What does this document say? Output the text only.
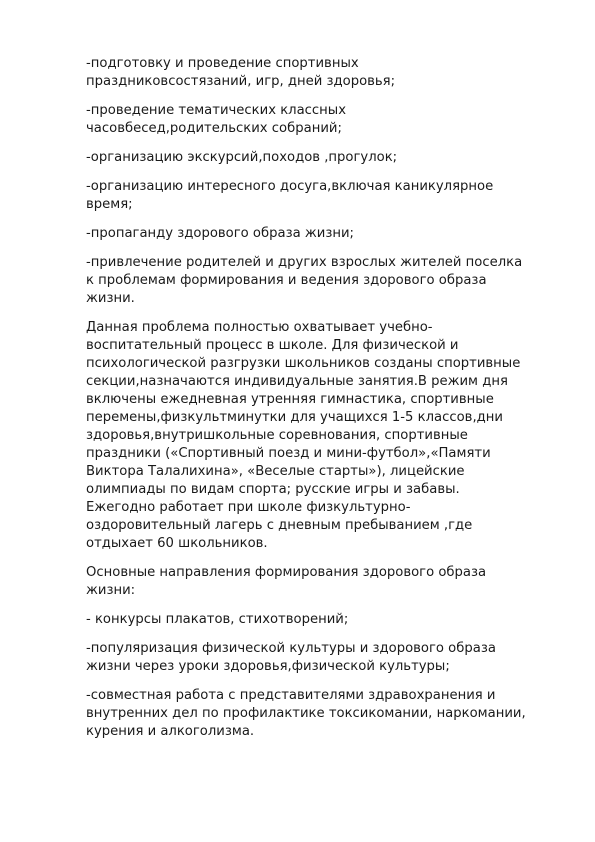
-подготовку и проведение спортивных
праздниковсостязаний, игр, дней здоровья;

-проведение тематических классных
часовбесед,родительских собраний;

-организацию экскурсий,походов ,прогулок;

-организацию интересного досуга,включая каникулярное
время;

-пропаганду здорового образа жизни;

-привлечение родителей и других взрослых жителей поселка
к проблемам формирования и ведения здорового образа
жизни.

Данная проблема полностью охватывает учебно-
воспитательный процесс в школе. Для физической и
психологической разгрузки школьников созданы спортивные
секции,назначаются индивидуальные занятия.В режим дня
включены ежедневная утренняя гимнастика, спортивные
перемены,физкультминутки для учащихся 1-5 классов,дни
здоровья,внутришкольные соревнования, спортивные
праздники («Спортивный поезд и мини-футбол»,«Памяти
Виктора Талалихина», «Веселые старты»), лицейские
олимпиады по видам спорта; русские игры и забавы.
Ежегодно работает при школе физкультурно-
оздоровительный лагерь с дневным пребыванием ,где
отдыхает 60 школьников.

Основные направления формирования здорового образа
жизни:

- конкурсы плакатов, стихотворений;

-популяризация физической культуры и здорового образа
жизни через уроки здоровья,физической культуры;

-совместная работа с представителями здравохранения и
внутренних дел по профилактике токсикомании, наркомании,
курения и алкоголизма.
